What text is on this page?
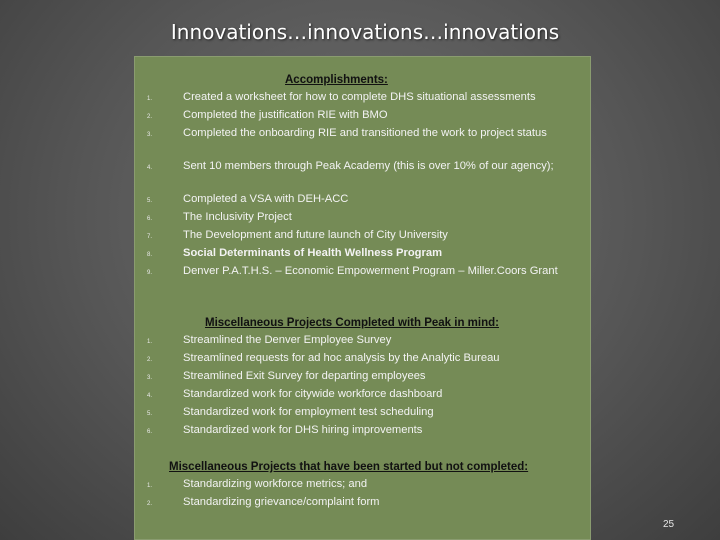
Innovations…innovations…innovations
Accomplishments:
1.	Created a worksheet for how to complete DHS situational assessments
2.	Completed the justification RIE with BMO
3.	Completed the onboarding RIE and transitioned the work to project status
4.	Sent 10 members through Peak Academy (this is over 10% of our agency);
5.	Completed a VSA with DEH-ACC
6.	The Inclusivity Project
7.	The Development and future launch of City University
8.	Social Determinants of Health Wellness Program
9.	Denver P.A.T.H.S. – Economic Empowerment Program – Miller.Coors Grant
Miscellaneous Projects Completed with Peak in mind:
1.	Streamlined the Denver Employee Survey
2.	Streamlined requests for ad hoc analysis by the Analytic Bureau
3.	Streamlined Exit Survey for departing employees
4.	Standardized work for citywide workforce dashboard
5.	Standardized work for employment test scheduling
6.	Standardized work for DHS hiring improvements
Miscellaneous Projects that have been started but not completed:
1.	Standardizing workforce metrics; and
2.	Standardizing grievance/complaint form
25
